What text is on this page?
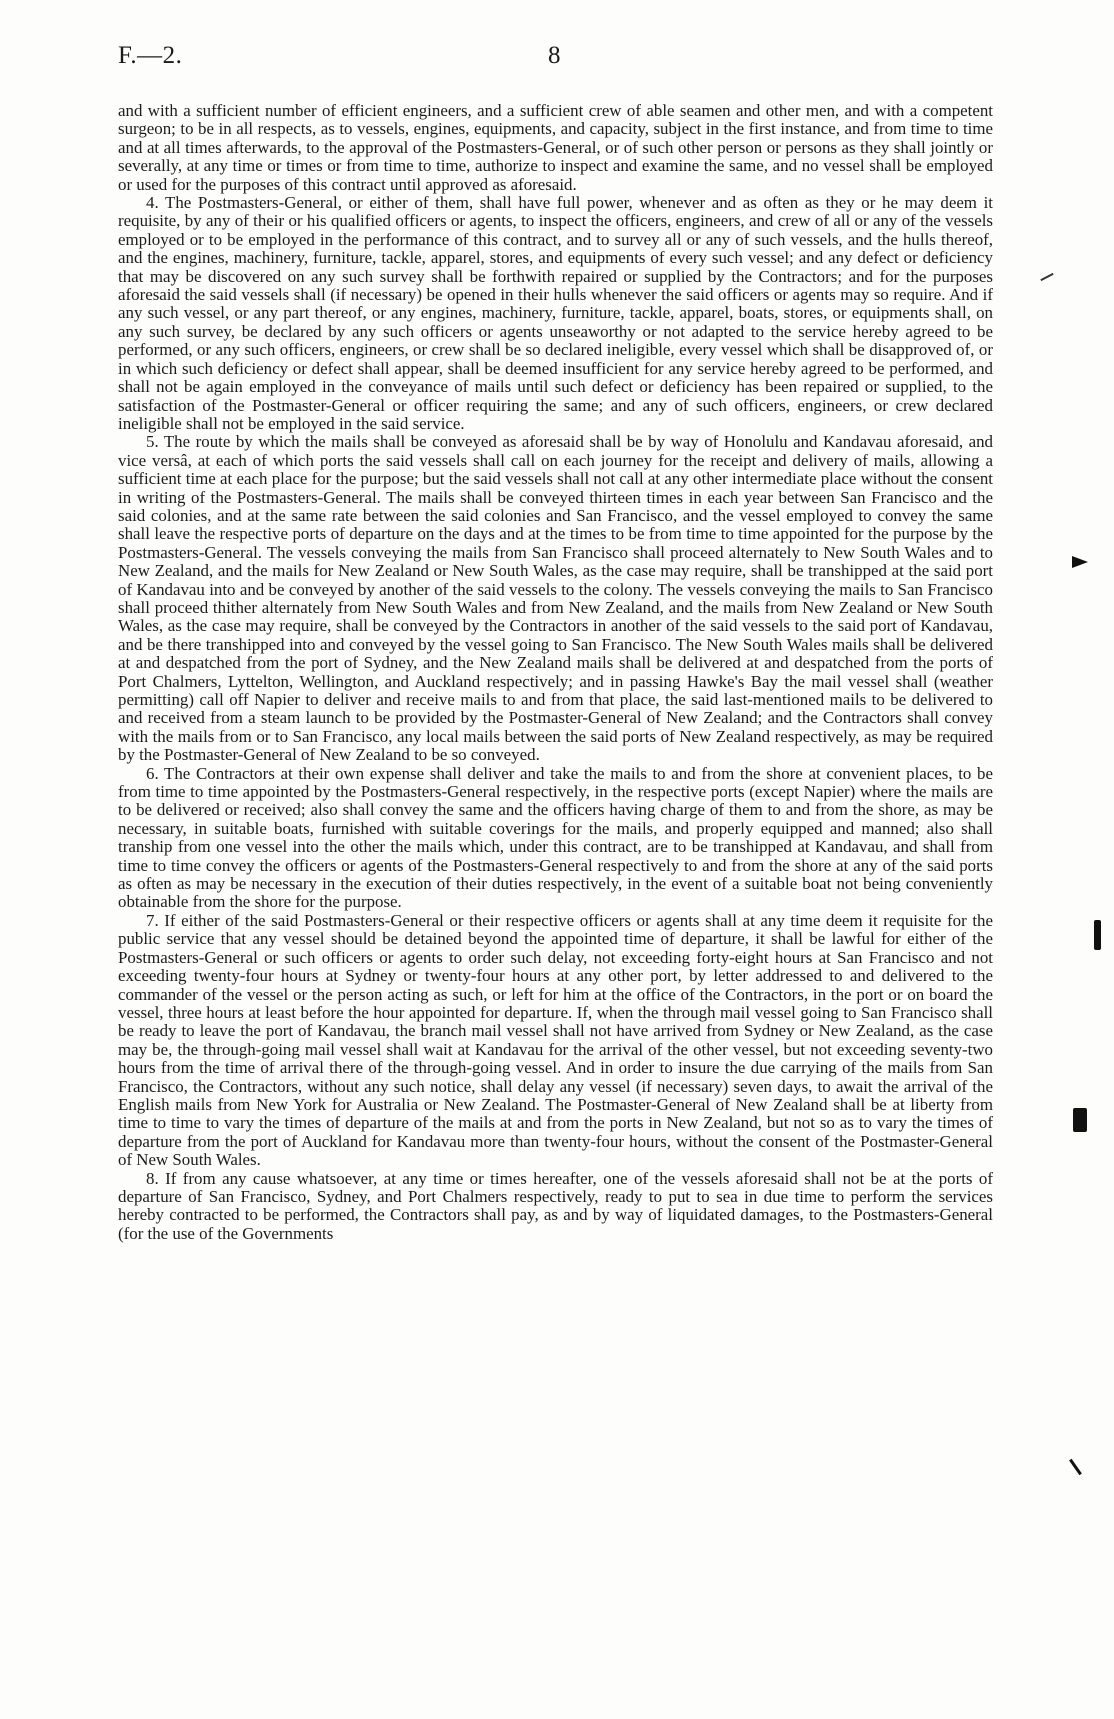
F.—2.	8

and with a sufficient number of efficient engineers, and a sufficient crew of able seamen and other men, and with a competent surgeon; to be in all respects, as to vessels, engines, equipments, and capacity, subject in the first instance, and from time to time and at all times afterwards, to the approval of the Postmasters-General, or of such other person or persons as they shall jointly or severally, at any time or times or from time to time, authorize to inspect and examine the same, and no vessel shall be employed or used for the purposes of this contract until approved as aforesaid.

4. The Postmasters-General, or either of them, shall have full power, whenever and as often as they or he may deem it requisite, by any of their or his qualified officers or agents, to inspect the officers, engineers, and crew of all or any of the vessels employed or to be employed in the performance of this contract, and to survey all or any of such vessels, and the hulls thereof, and the engines, machinery, furniture, tackle, apparel, stores, and equipments of every such vessel; and any defect or deficiency that may be discovered on any such survey shall be forthwith repaired or supplied by the Contractors; and for the purposes aforesaid the said vessels shall (if necessary) be opened in their hulls whenever the said officers or agents may so require. And if any such vessel, or any part thereof, or any engines, machinery, furniture, tackle, apparel, boats, stores, or equipments shall, on any such survey, be declared by any such officers or agents unseaworthy or not adapted to the service hereby agreed to be performed, or any such officers, engineers, or crew shall be so declared ineligible, every vessel which shall be disapproved of, or in which such deficiency or defect shall appear, shall be deemed insufficient for any service hereby agreed to be performed, and shall not be again employed in the conveyance of mails until such defect or deficiency has been repaired or supplied, to the satisfaction of the Postmaster-General or officer requiring the same; and any of such officers, engineers, or crew declared ineligible shall not be employed in the said service.

5. The route by which the mails shall be conveyed as aforesaid shall be by way of Honolulu and Kandavau aforesaid, and vice versâ, at each of which ports the said vessels shall call on each journey for the receipt and delivery of mails, allowing a sufficient time at each place for the purpose; but the said vessels shall not call at any other intermediate place without the consent in writing of the Postmasters-General. The mails shall be conveyed thirteen times in each year between San Francisco and the said colonies, and at the same rate between the said colonies and San Francisco, and the vessel employed to convey the same shall leave the respective ports of departure on the days and at the times to be from time to time appointed for the purpose by the Postmasters-General. The vessels conveying the mails from San Francisco shall proceed alternately to New South Wales and to New Zealand, and the mails for New Zealand or New South Wales, as the case may require, shall be transhipped at the said port of Kandavau into and be conveyed by another of the said vessels to the colony. The vessels conveying the mails to San Francisco shall proceed thither alternately from New South Wales and from New Zealand, and the mails from New Zealand or New South Wales, as the case may require, shall be conveyed by the Contractors in another of the said vessels to the said port of Kandavau, and be there transhipped into and conveyed by the vessel going to San Francisco. The New South Wales mails shall be delivered at and despatched from the port of Sydney, and the New Zealand mails shall be delivered at and despatched from the ports of Port Chalmers, Lyttelton, Wellington, and Auckland respectively; and in passing Hawke's Bay the mail vessel shall (weather permitting) call off Napier to deliver and receive mails to and from that place, the said last-mentioned mails to be delivered to and received from a steam launch to be provided by the Postmaster-General of New Zealand; and the Contractors shall convey with the mails from or to San Francisco, any local mails between the said ports of New Zealand respectively, as may be required by the Postmaster-General of New Zealand to be so conveyed.

6. The Contractors at their own expense shall deliver and take the mails to and from the shore at convenient places, to be from time to time appointed by the Postmasters-General respectively, in the respective ports (except Napier) where the mails are to be delivered or received; also shall convey the same and the officers having charge of them to and from the shore, as may be necessary, in suitable boats, furnished with suitable coverings for the mails, and properly equipped and manned; also shall tranship from one vessel into the other the mails which, under this contract, are to be transhipped at Kandavau, and shall from time to time convey the officers or agents of the Postmasters-General respectively to and from the shore at any of the said ports as often as may be necessary in the execution of their duties respectively, in the event of a suitable boat not being conveniently obtainable from the shore for the purpose.

7. If either of the said Postmasters-General or their respective officers or agents shall at any time deem it requisite for the public service that any vessel should be detained beyond the appointed time of departure, it shall be lawful for either of the Postmasters-General or such officers or agents to order such delay, not exceeding forty-eight hours at San Francisco and not exceeding twenty-four hours at Sydney or twenty-four hours at any other port, by letter addressed to and delivered to the commander of the vessel or the person acting as such, or left for him at the office of the Contractors, in the port or on board the vessel, three hours at least before the hour appointed for departure. If, when the through mail vessel going to San Francisco shall be ready to leave the port of Kandavau, the branch mail vessel shall not have arrived from Sydney or New Zealand, as the case may be, the through-going mail vessel shall wait at Kandavau for the arrival of the other vessel, but not exceeding seventy-two hours from the time of arrival there of the through-going vessel. And in order to insure the due carrying of the mails from San Francisco, the Contractors, without any such notice, shall delay any vessel (if necessary) seven days, to await the arrival of the English mails from New York for Australia or New Zealand. The Postmaster-General of New Zealand shall be at liberty from time to time to vary the times of departure of the mails at and from the ports in New Zealand, but not so as to vary the times of departure from the port of Auckland for Kandavau more than twenty-four hours, without the consent of the Postmaster-General of New South Wales.

8. If from any cause whatsoever, at any time or times hereafter, one of the vessels aforesaid shall not be at the ports of departure of San Francisco, Sydney, and Port Chalmers respectively, ready to put to sea in due time to perform the services hereby contracted to be performed, the Contractors shall pay, as and by way of liquidated damages, to the Postmasters-General (for the use of the Governments
